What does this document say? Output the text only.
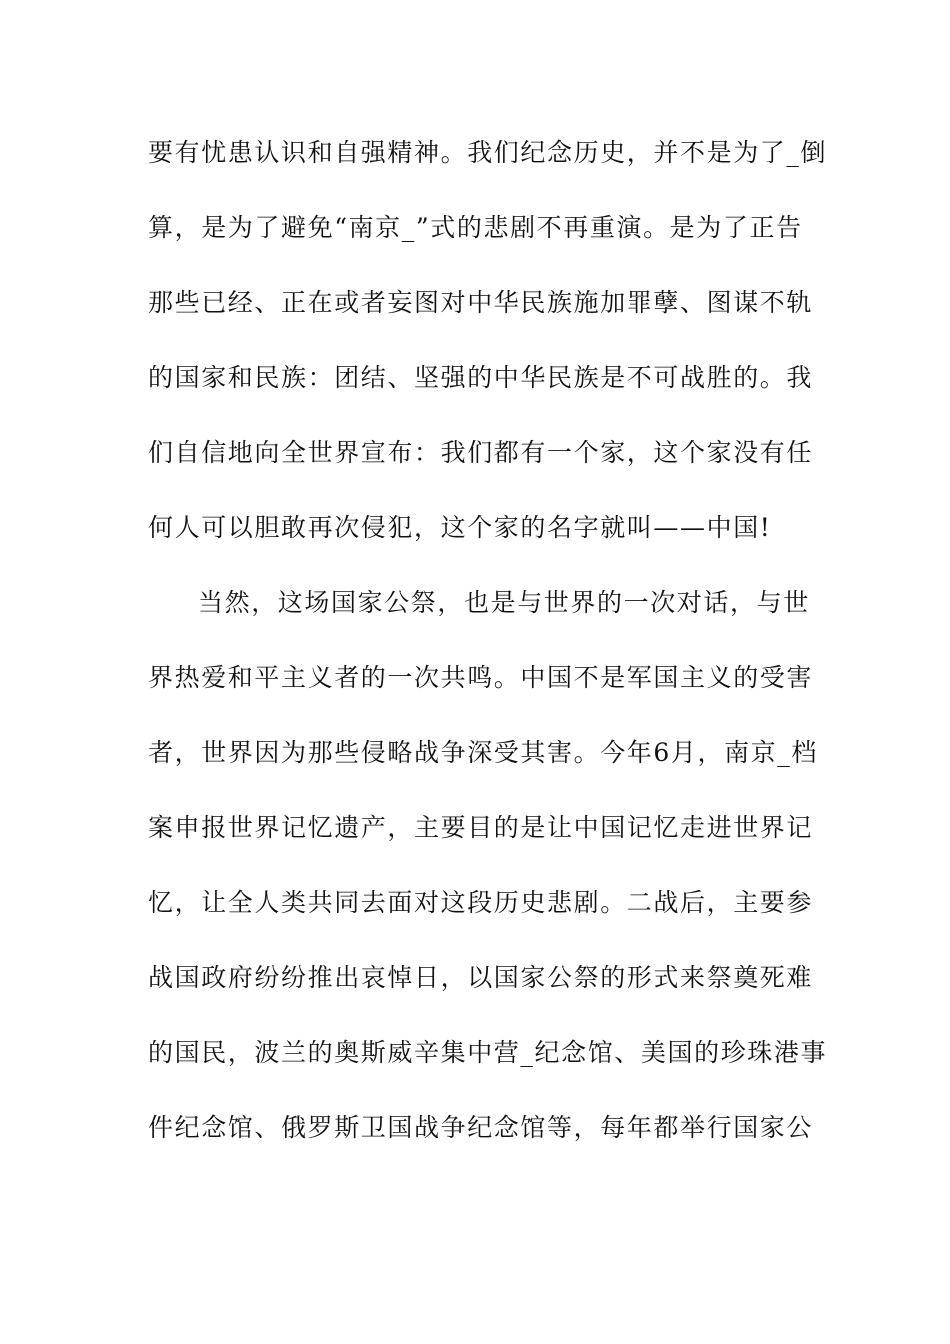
要有忧患认识和自强精神。我们纪念历史，并不是为了_倒
算，是为了避免“南京_”式的悲剧不再重演。是为了正告
那些已经、正在或者妄图对中华民族施加罪孽、图谋不轨
的国家和民族：团结、坚强的中华民族是不可战胜的。我
们自信地向全世界宣布：我们都有一个家，这个家没有任
何人可以胆敢再次侵犯，这个家的名字就叫——中国!
当然，这场国家公祭，也是与世界的一次对话，与世
界热爱和平主义者的一次共鸣。中国不是军国主义的受害
者，世界因为那些侵略战争深受其害。今年6月，南京_档
案申报世界记忆遗产，主要目的是让中国记忆走进世界记
忆，让全人类共同去面对这段历史悲剧。二战后，主要参
战国政府纷纷推出哀悼日，以国家公祭的形式来祭奠死难
的国民，波兰的奥斯威辛集中营_纪念馆、美国的珍珠港事
件纪念馆、俄罗斯卫国战争纪念馆等，每年都举行国家公
